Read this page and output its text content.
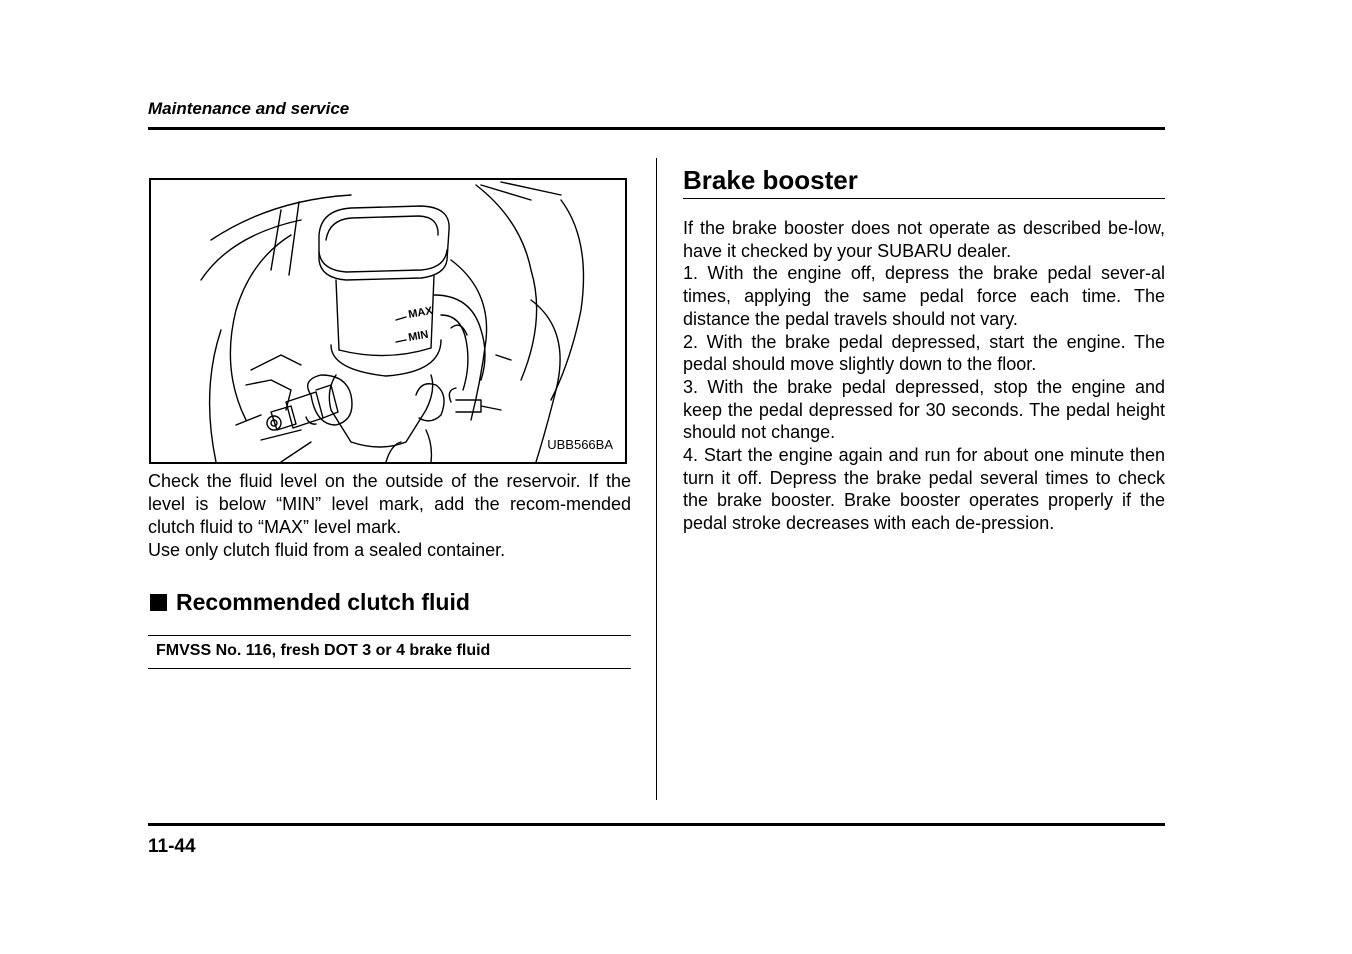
Maintenance and service
MAX
MIN
UBB566BA

Check the fluid level on the outside of the reservoir. If the level is below “MIN” level mark, add the recom-mended clutch fluid to “MAX” level mark.

Use only clutch fluid from a sealed container.

Recommended clutch fluid
FMVSS No. 116, fresh DOT 3 or 4 brake fluid
Brake booster

If the brake booster does not operate as described be-low, have it checked by your SUBARU dealer.

1. With the engine off, depress the brake pedal sever-al times, applying the same pedal force each time. The distance the pedal travels should not vary.

2. With the brake pedal depressed, start the engine. The pedal should move slightly down to the floor.

3. With the brake pedal depressed, stop the engine and keep the pedal depressed for 30 seconds. The pedal height should not change.

4. Start the engine again and run for about one minute then turn it off. Depress the brake pedal several times to check the brake booster. Brake booster operates properly if the pedal stroke decreases with each de-pression.

11-44
